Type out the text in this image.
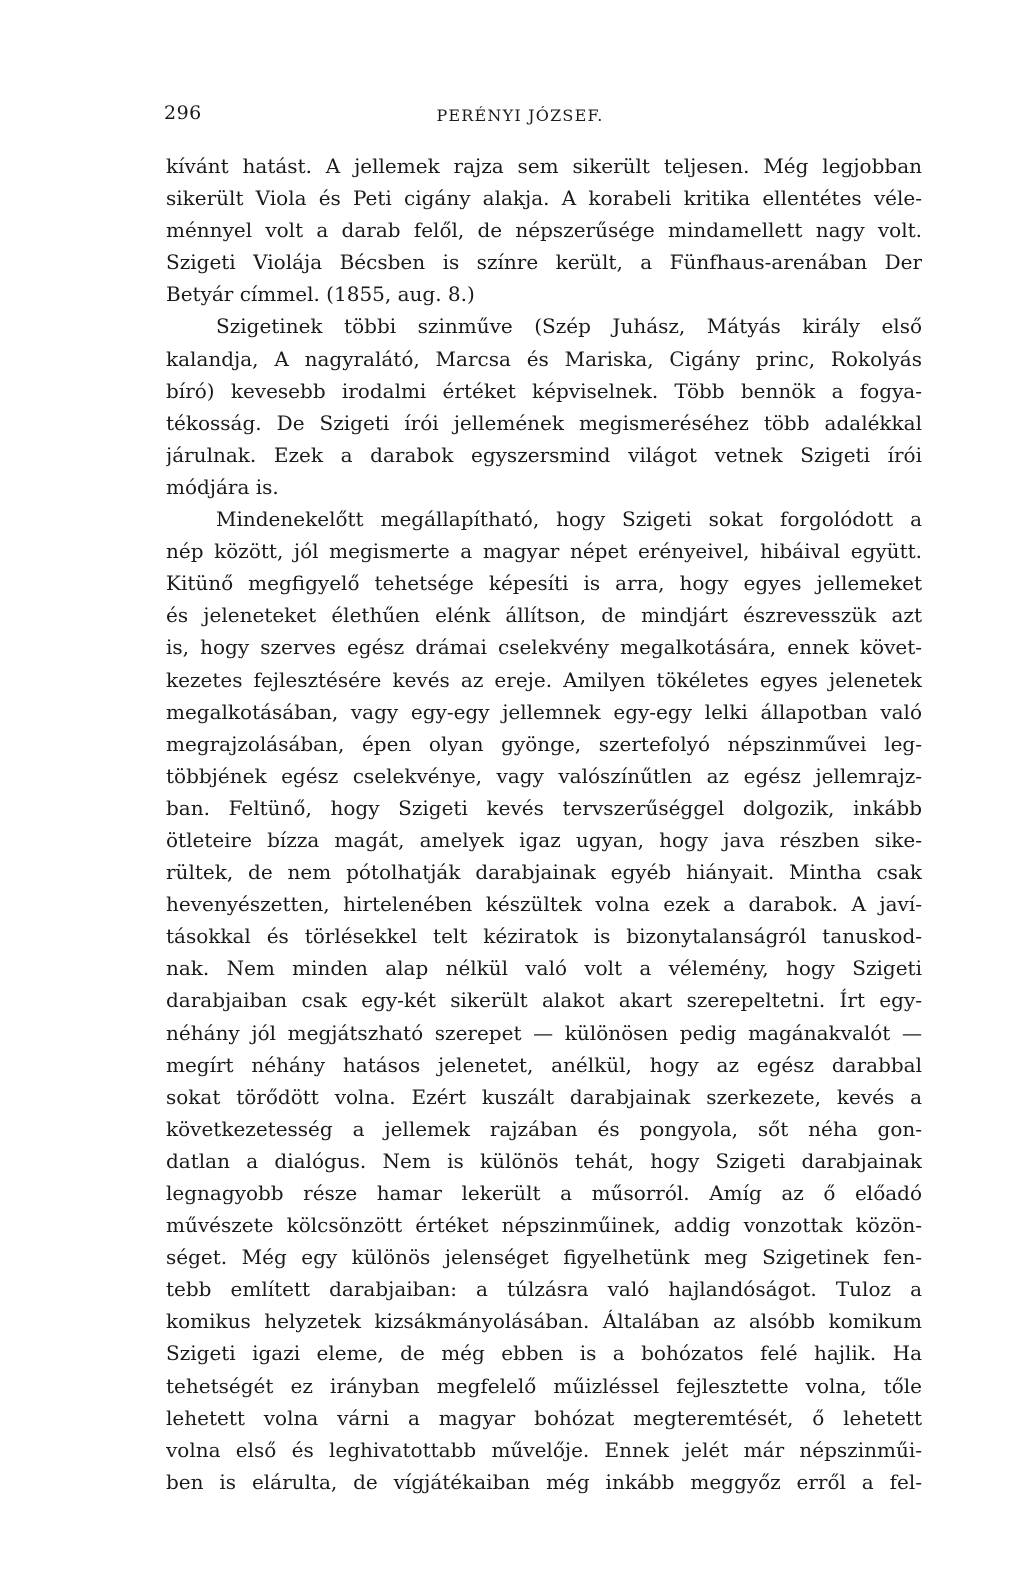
296	PERÉNYI JÓZSEF.
kívánt hatást. A jellemek rajza sem sikerült teljesen. Még legjobban
sikerült Viola és Peti cigány alakja. A korabeli kritika ellentétes véle-
ménnyel volt a darab felől, de népszerűsége mindamellett nagy volt.
Szigeti Violája Bécsben is színre került, a Fünfhaus-arenában Der
Betyár címmel. (1855, aug. 8.)
Szigetinek többi szinműve (Szép Juhász, Mátyás király első
kalandja, A nagyralátó, Marcsa és Mariska, Cigány princ, Rokolyás
bíró) kevesebb irodalmi értéket képviselnek. Több bennök a fogya-
tékosság. De Szigeti írói jellemének megismeréséhez több adalékkal
járulnak. Ezek a darabok egyszersmind világot vetnek Szigeti írói
módjára is.
Mindenekelőtt megállapítható, hogy Szigeti sokat forgolódott a
nép között, jól megismerte a magyar népet erényeivel, hibáival együtt.
Kitünő megfigyelő tehetsége képesíti is arra, hogy egyes jellemeket
és jeleneteket élethűen elénk állítson, de mindjárt észrevesszük azt
is, hogy szerves egész drámai cselekvény megalkotására, ennek követ-
kezetes fejlesztésére kevés az ereje. Amilyen tökéletes egyes jelenetek
megalkotásában, vagy egy-egy jellemnek egy-egy lelki állapotban való
megrajzolásában, épen olyan gyönge, szertefolyó népszinművei leg-
többjének egész cselekvénye, vagy valószínűtlen az egész jellemrajz-
ban. Feltünő, hogy Szigeti kevés tervszerűséggel dolgozik, inkább
ötleteire bízza magát, amelyek igaz ugyan, hogy java részben sike-
rültek, de nem pótolhatják darabjainak egyéb hiányait. Mintha csak
hevenyészetten, hirtelenében készültek volna ezek a darabok. A javí-
tásokkal és törlésekkel telt kéziratok is bizonytalanságról tanuskod-
nak. Nem minden alap nélkül való volt a vélemény, hogy Szigeti
darabjaiban csak egy-két sikerült alakot akart szerepeltetni. Írt egy-
néhány jól megjátszható szerepet — különösen pedig magánakvalót —
megírt néhány hatásos jelenetet, anélkül, hogy az egész darabbal
sokat törődött volna. Ezért kuszált darabjainak szerkezete, kevés a
következetesség a jellemek rajzában és pongyola, sőt néha gon-
datlan a dialógus. Nem is különös tehát, hogy Szigeti darabjainak
legnagyobb része hamar lekerült a műsorról. Amíg az ő előadó
művészete kölcsönzött értéket népszinműinek, addig vonzottak közön-
séget. Még egy különös jelenséget figyelhetünk meg Szigetinek fen-
tebb említett darabjaiban: a túlzásra való hajlandóságot. Tuloz a
komikus helyzetek kizsákmányolásában. Általában az alsóbb komikum
Szigeti igazi eleme, de még ebben is a bohózatos felé hajlik. Ha
tehetségét ez irányban megfelelő műizléssel fejlesztette volna, tőle
lehetett volna várni a magyar bohózat megteremtését, ő lehetett
volna első és leghivatottabb művelője. Ennek jelét már népszinműi-
ben is elárulta, de vígjátékaiban még inkább meggyőz erről a fel-
